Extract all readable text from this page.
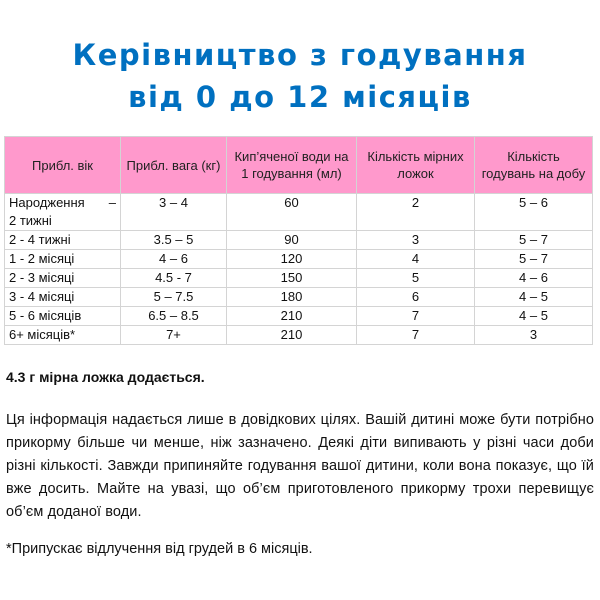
Керівництво з годування
від 0 до 12 місяців
Прибл. вік	Прибл. вага (кг)	Кип’яченої води на 1 годування (мл)	Кількість мірних ложок	Кількість годувань на добу

Народження –
2 тижні	3 – 4	60	2	5 – 6
2 - 4 тижні	3.5 – 5	90	3	5 – 7
1 - 2 місяці	4 – 6	120	4	5 – 7
2 - 3 місяці	4.5 - 7	150	5	4 – 6
3 - 4 місяці	5 – 7.5	180	6	4 – 5
5 - 6 місяців	6.5 – 8.5	210	7	4 – 5
6+ місяців*	7+	210	7	3
4.3 г мірна ложка додається.
Ця інформація надається лише в довідкових цілях. Вашій дитині може бути потрібно прикорму більше чи менше, ніж зазначено. Деякі діти випивають у різні часи доби різні кількості. Завжди припиняйте годування вашої дитини, коли вона показує, що їй вже досить. Майте на увазі, що об’єм приготовленого прикорму трохи перевищує об’єм доданої води.
*Припускає відлучення від грудей в 6 місяців.
